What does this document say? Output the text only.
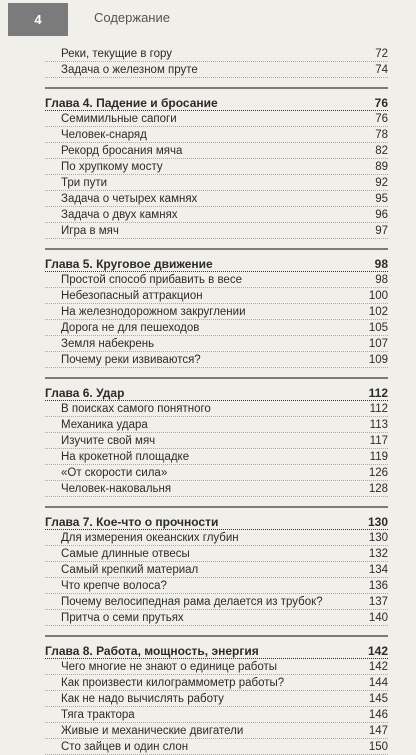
4	Содержание
Реки, текущие в гору	72
Задача о железном пруте	74
Глава 4. Падение и бросание	76
Семимильные сапоги	76
Человек-снаряд	78
Рекорд бросания мяча	82
По хрупкому мосту	89
Три пути	92
Задача о четырех камнях	95
Задача о двух камнях	96
Игра в мяч	97
Глава 5. Круговое движение	98
Простой способ прибавить в весе	98
Небезопасный аттракцион	100
На железнодорожном закруглении	102
Дорога не для пешеходов	105
Земля набекрень	107
Почему реки извиваются?	109
Глава 6. Удар	112
В поисках самого понятного	112
Механика удара	113
Изучите свой мяч	117
На крокетной площадке	119
«От скорости сила»	126
Человек-наковальня	128
Глава 7. Кое-что о прочности	130
Для измерения океанских глубин	130
Самые длинные отвесы	132
Самый крепкий материал	134
Что крепче волоса?	136
Почему велосипедная рама делается из трубок?	137
Притча о семи прутьях	140
Глава 8. Работа, мощность, энергия	142
Чего многие не знают о единице работы	142
Как произвести килограммометр работы?	144
Как не надо вычислять работу	145
Тяга трактора	146
Живые и механические двигатели	147
Сто зайцев и один слон	150
